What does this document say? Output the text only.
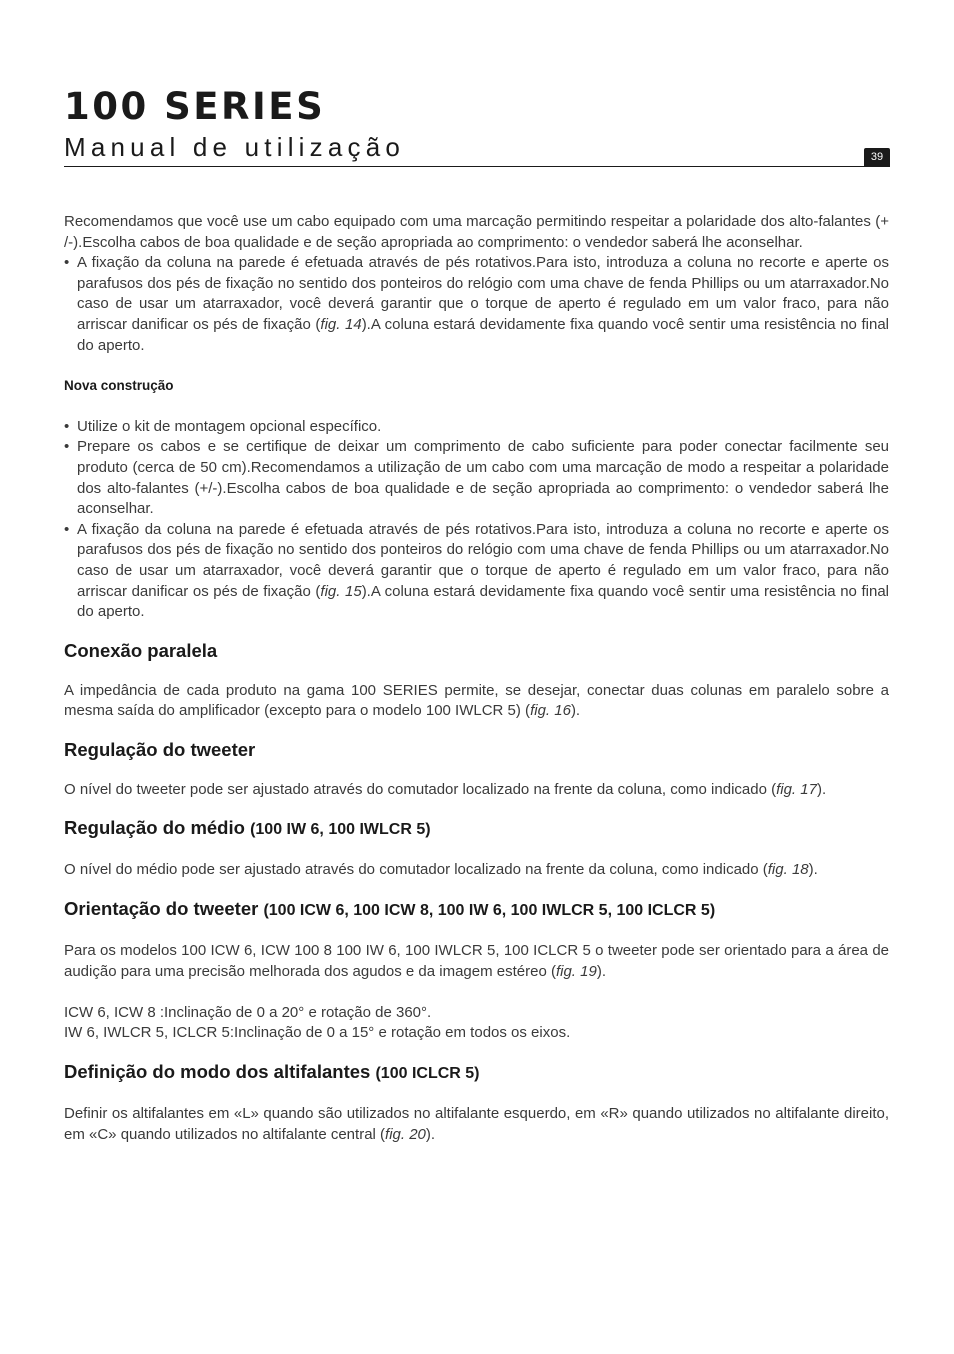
100 SERIES
Manual de utilização	39

Recomendamos que você use um cabo equipado com uma marcação permitindo respeitar a polaridade dos alto-falantes (+ /-).Escolha cabos de boa qualidade e de seção apropriada ao comprimento: o vendedor saberá lhe aconselhar.

• A fixação da coluna na parede é efetuada através de pés rotativos.Para isto, introduza a coluna no recorte e aperte os parafusos dos pés de fixação no sentido dos ponteiros do relógio com uma chave de fenda Phillips ou um atarraxador.No caso de usar um atarraxador, você deverá garantir que o torque de aperto é regulado em um valor fraco, para não arriscar danificar os pés de fixação (fig. 14).A coluna estará devidamente fixa quando você sentir uma resistência no final do aperto.
Nova construção
• Utilize o kit de montagem opcional específico.
• Prepare os cabos e se certifique de deixar um comprimento de cabo suficiente para poder conectar facilmente seu produto (cerca de 50 cm).Recomendamos a utilização de um cabo com uma marcação de modo a respeitar a polaridade dos alto-falantes (+/-).Escolha cabos de boa qualidade e de seção apropriada ao comprimento: o vendedor saberá lhe aconselhar.
• A fixação da coluna na parede é efetuada através de pés rotativos.Para isto, introduza a coluna no recorte e aperte os parafusos dos pés de fixação no sentido dos ponteiros do relógio com uma chave de fenda Phillips ou um atarraxador.No caso de usar um atarraxador, você deverá garantir que o torque de aperto é regulado em um valor fraco, para não arriscar danificar os pés de fixação (fig. 15).A coluna estará devidamente fixa quando você sentir uma resistência no final do aperto.
Conexão paralela

A impedância de cada produto na gama 100 SERIES permite, se desejar, conectar duas colunas em paralelo sobre a mesma saída do amplificador (excepto para o modelo 100 IWLCR 5) (fig. 16).

Regulação do tweeter

O nível do tweeter pode ser ajustado através do comutador localizado na frente da coluna, como indicado (fig. 17).

Regulação do médio (100 IW 6, 100 IWLCR 5)

O nível do médio pode ser ajustado através do comutador localizado na frente da coluna, como indicado (fig. 18).

Orientação do tweeter (100 ICW 6, 100 ICW 8, 100 IW 6, 100 IWLCR 5, 100 ICLCR 5)

Para os modelos 100 ICW 6, ICW 100 8 100 IW 6, 100 IWLCR 5, 100 ICLCR 5 o tweeter pode ser orientado para a área de audição para uma precisão melhorada dos agudos e da imagem estéreo (fig. 19).

ICW 6, ICW 8 :Inclinação de 0 a 20° e rotação de 360°.

IW 6, IWLCR 5, ICLCR 5:Inclinação de 0 a 15° e rotação em todos os eixos.

Definição do modo dos altifalantes (100 ICLCR 5)

Definir os altifalantes em «L» quando são utilizados no altifalante esquerdo, em «R» quando utilizados no altifalante direito, em «C» quando utilizados no altifalante central (fig. 20).
